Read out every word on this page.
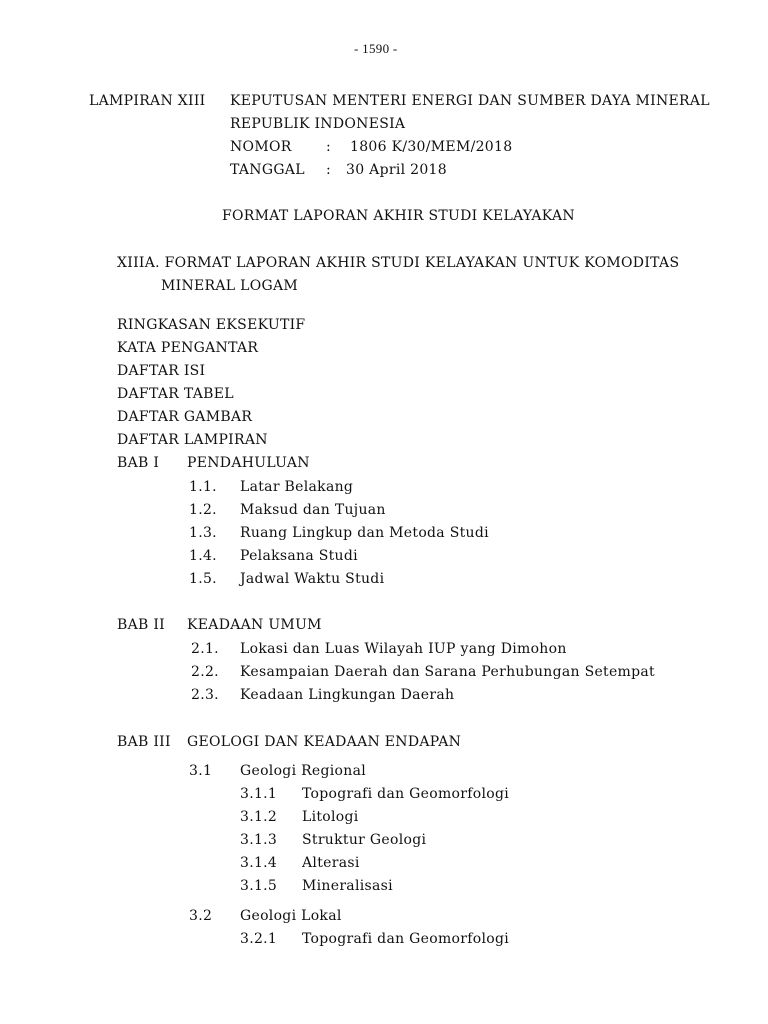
- 1590 -
LAMPIRAN XIII KEPUTUSAN MENTERI ENERGI DAN SUMBER DAYA MINERAL
REPUBLIK INDONESIA
NOMOR : 1806 K/30/MEM/2018
TANGGAL : 30 April 2018
FORMAT LAPORAN AKHIR STUDI KELAYAKAN
XIIIA. FORMAT LAPORAN AKHIR STUDI KELAYAKAN UNTUK KOMODITAS
MINERAL LOGAM
RINGKASAN EKSEKUTIF
KATA PENGANTAR
DAFTAR ISI
DAFTAR TABEL
DAFTAR GAMBAR
DAFTAR LAMPIRAN
BAB I PENDAHULUAN
1.1. Latar Belakang
1.2. Maksud dan Tujuan
1.3. Ruang Lingkup dan Metoda Studi
1.4. Pelaksana Studi
1.5. Jadwal Waktu Studi
BAB II KEADAAN UMUM
2.1. Lokasi dan Luas Wilayah IUP yang Dimohon
2.2. Kesampaian Daerah dan Sarana Perhubungan Setempat
2.3. Keadaan Lingkungan Daerah
BAB III GEOLOGI DAN KEADAAN ENDAPAN
3.1 Geologi Regional
3.1.1 Topografi dan Geomorfologi
3.1.2 Litologi
3.1.3 Struktur Geologi
3.1.4 Alterasi
3.1.5 Mineralisasi
3.2 Geologi Lokal
3.2.1 Topografi dan Geomorfologi
